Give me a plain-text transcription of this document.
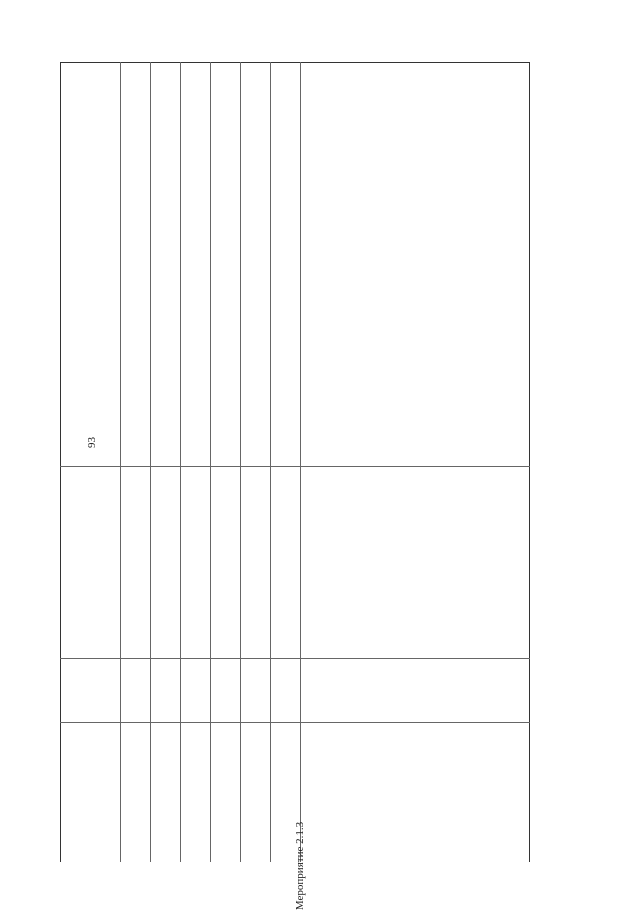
93
Мероприятие 2.1.3
